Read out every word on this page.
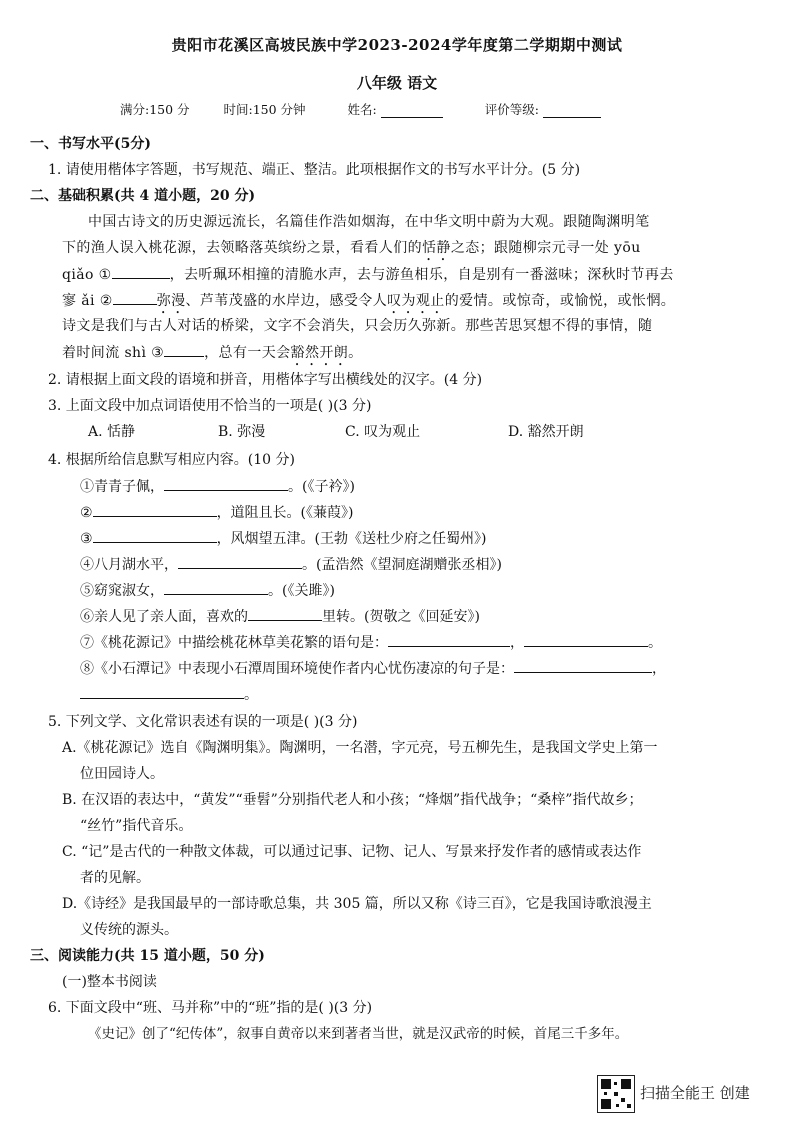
贵阳市花溪区高坡民族中学2023-2024学年度第二学期期中测试
八年级 语文
满分:150 分	时间:150 分钟	姓名:	评价等级:
一、书写水平(5分)
1. 请使用楷体字答题，书写规范、端正、整洁。此项根据作文的书写水平计分。(5 分)
二、基础积累(共 4 道小题，20 分)
中国古诗文的历史源远流长，名篇佳作浩如烟海，在中华文明中蔚为大观。跟随陶渊明笔
下的渔人误入桃花源，去领略落英缤纷之景，看看人们的恬静之态；跟随柳宗元寻一处 yōu
qiǎo ①	，去听珮环相撞的清脆水声，去与游鱼相乐，自是别有一番滋味；深秋时节再去
寥 ǎi ②	弥漫、芦苇茂盛的水岸边，感受令人叹为观止的爱情。或惊奇，或愉悦，或怅惘。
诗文是我们与古人对话的桥梁，文字不会消失，只会历久弥新。那些苦思冥想不得的事情，随
着时间流 shì ③	，总有一天会豁然开朗。
2. 请根据上面文段的语境和拼音，用楷体字写出横线处的汉字。(4 分)
3. 上面文段中加点词语使用不恰当的一项是( )(3 分)
A. 恬静	B. 弥漫	C. 叹为观止	D. 豁然开朗
4. 根据所给信息默写相应内容。(10 分)
①青青子佩，	。(《子衿》)
②	，道阻且长。(《蒹葭》)
③	，风烟望五津。(王勃《送杜少府之任蜀州》)
④八月湖水平，	。(孟浩然《望洞庭湖赠张丞相》)
⑤窈窕淑女，	。(《关雎》)
⑥亲人见了亲人面，喜欢的	里转。(贺敬之《回延安》)
⑦《桃花源记》中描绘桃花林草美花繁的语句是：	，	。
⑧《小石潭记》中表现小石潭周围环境使作者内心忧伤凄凉的句子是：	，
。
5. 下列文学、文化常识表述有误的一项是( )(3 分)
A.《桃花源记》选自《陶渊明集》。陶渊明，一名潜，字元亮，号五柳先生，是我国文学史上第一
位田园诗人。
B. 在汉语的表达中，“黄发”“垂髫”分别指代老人和小孩；“烽烟”指代战争；“桑梓”指代故乡；
“丝竹”指代音乐。
C. “记”是古代的一种散文体裁，可以通过记事、记物、记人、写景来抒发作者的感情或表达作
者的见解。
D.《诗经》是我国最早的一部诗歌总集，共 305 篇，所以又称《诗三百》，它是我国诗歌浪漫主
义传统的源头。
三、阅读能力(共 15 道小题，50 分)
(一)整本书阅读
6. 下面文段中“班、马并称”中的“班”指的是( )(3 分)
《史记》创了“纪传体”，叙事自黄帝以来到著者当世，就是汉武帝的时候，首尾三千多年。
扫描全能王 创建
